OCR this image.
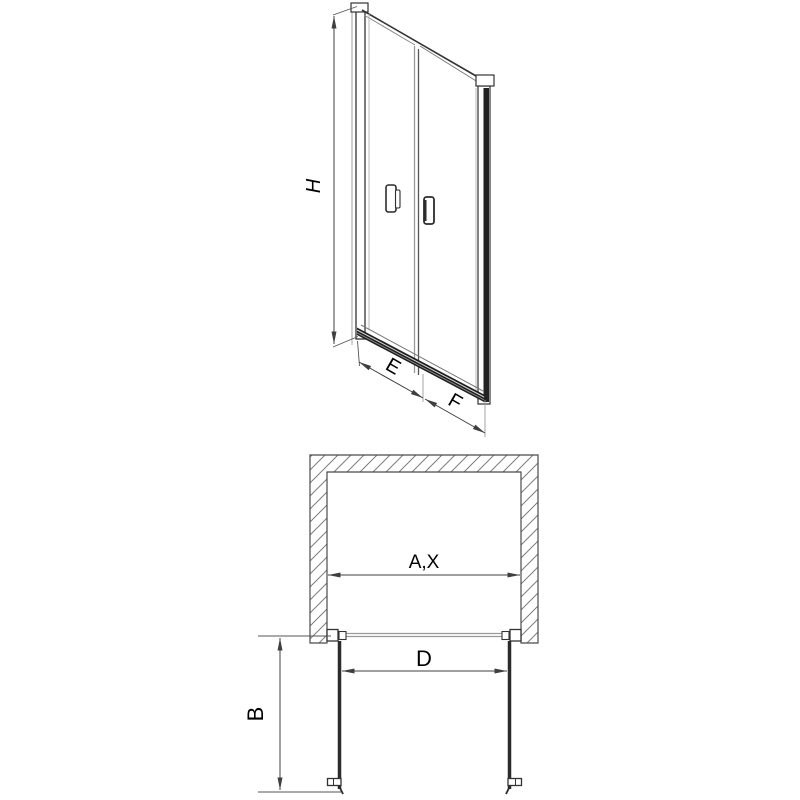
H
E
F
A,X
D
B
